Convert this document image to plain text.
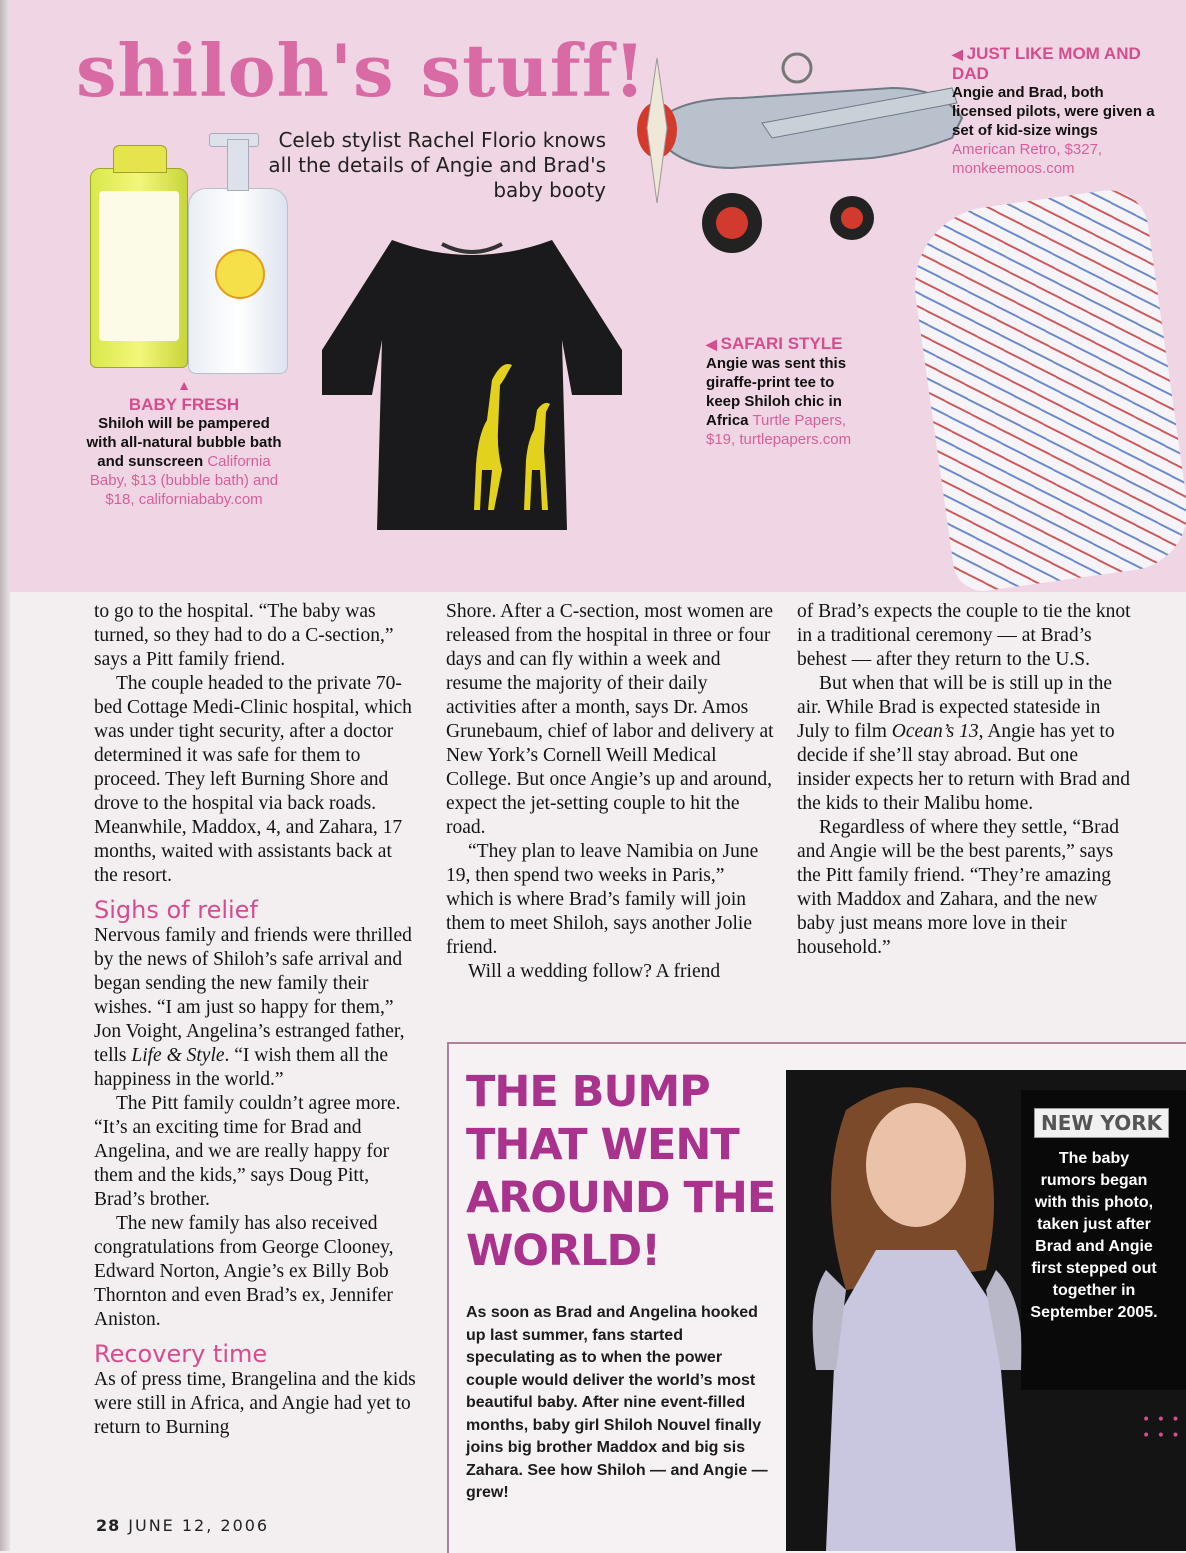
shiloh's stuff!
Celeb stylist Rachel Florio knows all the details of Angie and Brad's baby booty
▲
BABY FRESH
Shiloh will be pampered with all-natural bubble bath and sunscreen California Baby, $13 (bubble bath) and $18, californiababy.com
◀ SAFARI STYLE
Angie was sent this giraffe-print tee to keep Shiloh chic in Africa Turtle Papers, $19, turtlepapers.com
◀ JUST LIKE MOM AND DAD
Angie and Brad, both licensed pilots, were given a set of kid-size wings American Retro, $327, monkeemoos.com

to go to the hospital. “The baby was turned, so they had to do a C-section,” says a Pitt family friend.

The couple headed to the private 70-bed Cottage Medi-Clinic hospital, which was under tight security, after a doctor determined it was safe for them to proceed. They left Burning Shore and drove to the hospital via back roads. Meanwhile, Maddox, 4, and Zahara, 17 months, waited with assistants back at the resort.

Sighs of relief

Nervous family and friends were thrilled by the news of Shiloh’s safe arrival and began sending the new family their wishes. “I am just so happy for them,” Jon Voight, Angelina’s estranged father, tells Life & Style. “I wish them all the happiness in the world.”

The Pitt family couldn’t agree more. “It’s an exciting time for Brad and Angelina, and we are really happy for them and the kids,” says Doug Pitt, Brad’s brother.

The new family has also received congratulations from George Clooney, Edward Norton, Angie’s ex Billy Bob Thornton and even Brad’s ex, Jennifer Aniston.

Recovery time

As of press time, Brangelina and the kids were still in Africa, and Angie had yet to return to Burning

Shore. After a C-section, most women are released from the hospital in three or four days and can fly within a week and resume the majority of their daily activities after a month, says Dr. Amos Grunebaum, chief of labor and delivery at New York’s Cornell Weill Medical College. But once Angie’s up and around, expect the jet-setting couple to hit the road.

“They plan to leave Namibia on June 19, then spend two weeks in Paris,” which is where Brad’s family will join them to meet Shiloh, says another Jolie friend.

Will a wedding follow? A friend

of Brad’s expects the couple to tie the knot in a traditional ceremony — at Brad’s behest — after they return to the U.S.

But when that will be is still up in the air. While Brad is expected stateside in July to film Ocean’s 13, Angie has yet to decide if she’ll stay abroad. But one insider expects her to return with Brad and the kids to their Malibu home.

Regardless of where they settle, “Brad and Angie will be the best parents,” says the Pitt family friend. “They’re amazing with Maddox and Zahara, and the new baby just means more love in their household.”

THE BUMP THAT WENT AROUND THE WORLD!
As soon as Brad and Angelina hooked up last summer, fans started speculating as to when the power couple would deliver the world’s most beautiful baby. After nine event-filled months, baby girl Shiloh Nouvel finally joins big brother Maddox and big sis Zahara. See how Shiloh — and Angie — grew!
NEW YORK
The baby rumors began with this photo, taken just after Brad and Angie first stepped out together in September 2005.
• • • • • •
28 JUNE 12, 2006
